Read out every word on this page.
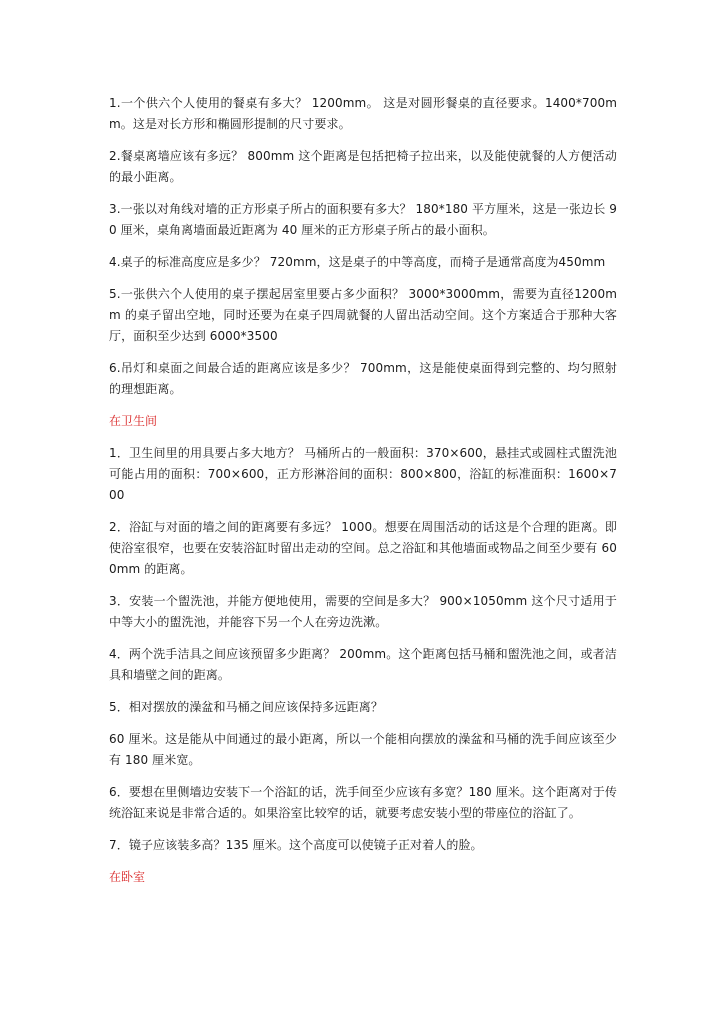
1.一个供六个人使用的餐桌有多大？ 1200mm。 这是对圆形餐桌的直径要求。1400*700mm。这是对长方形和椭圆形提制的尺寸要求。

2.餐桌离墙应该有多远？ 800mm 这个距离是包括把椅子拉出来，以及能使就餐的人方便活动的最小距离。

3.一张以对角线对墙的正方形桌子所占的面积要有多大？ 180*180 平方厘米，这是一张边长 90 厘米，桌角离墙面最近距离为 40 厘米的正方形桌子所占的最小面积。

4.桌子的标准高度应是多少？ 720mm，这是桌子的中等高度，而椅子是通常高度为450mm

5.一张供六个人使用的桌子摆起居室里要占多少面积？ 3000*3000mm，需要为直径1200mm 的桌子留出空地，同时还要为在桌子四周就餐的人留出活动空间。这个方案适合于那种大客厅，面积至少达到 6000*3500

6.吊灯和桌面之间最合适的距离应该是多少？ 700mm，这是能使桌面得到完整的、均匀照射的理想距离。

在卫生间

1．卫生间里的用具要占多大地方？ 马桶所占的一般面积：370×600，悬挂式或圆柱式盥洗池可能占用的面积：700×600，正方形淋浴间的面积：800×800，浴缸的标准面积：1600×700

2．浴缸与对面的墙之间的距离要有多远？ 1000。想要在周围活动的话这是个合理的距离。即使浴室很窄，也要在安装浴缸时留出走动的空间。总之浴缸和其他墙面或物品之间至少要有 600mm 的距离。

3．安装一个盥洗池，并能方便地使用，需要的空间是多大？ 900×1050mm 这个尺寸适用于中等大小的盥洗池，并能容下另一个人在旁边洗漱。

4．两个洗手洁具之间应该预留多少距离？ 200mm。这个距离包括马桶和盥洗池之间，或者洁具和墙壁之间的距离。

5．相对摆放的澡盆和马桶之间应该保持多远距离？

60 厘米。这是能从中间通过的最小距离，所以一个能相向摆放的澡盆和马桶的洗手间应该至少有 180 厘米宽。

6．要想在里侧墙边安装下一个浴缸的话，洗手间至少应该有多宽？180 厘米。这个距离对于传统浴缸来说是非常合适的。如果浴室比较窄的话，就要考虑安装小型的带座位的浴缸了。

7．镜子应该装多高？135 厘米。这个高度可以使镜子正对着人的脸。

在卧室
